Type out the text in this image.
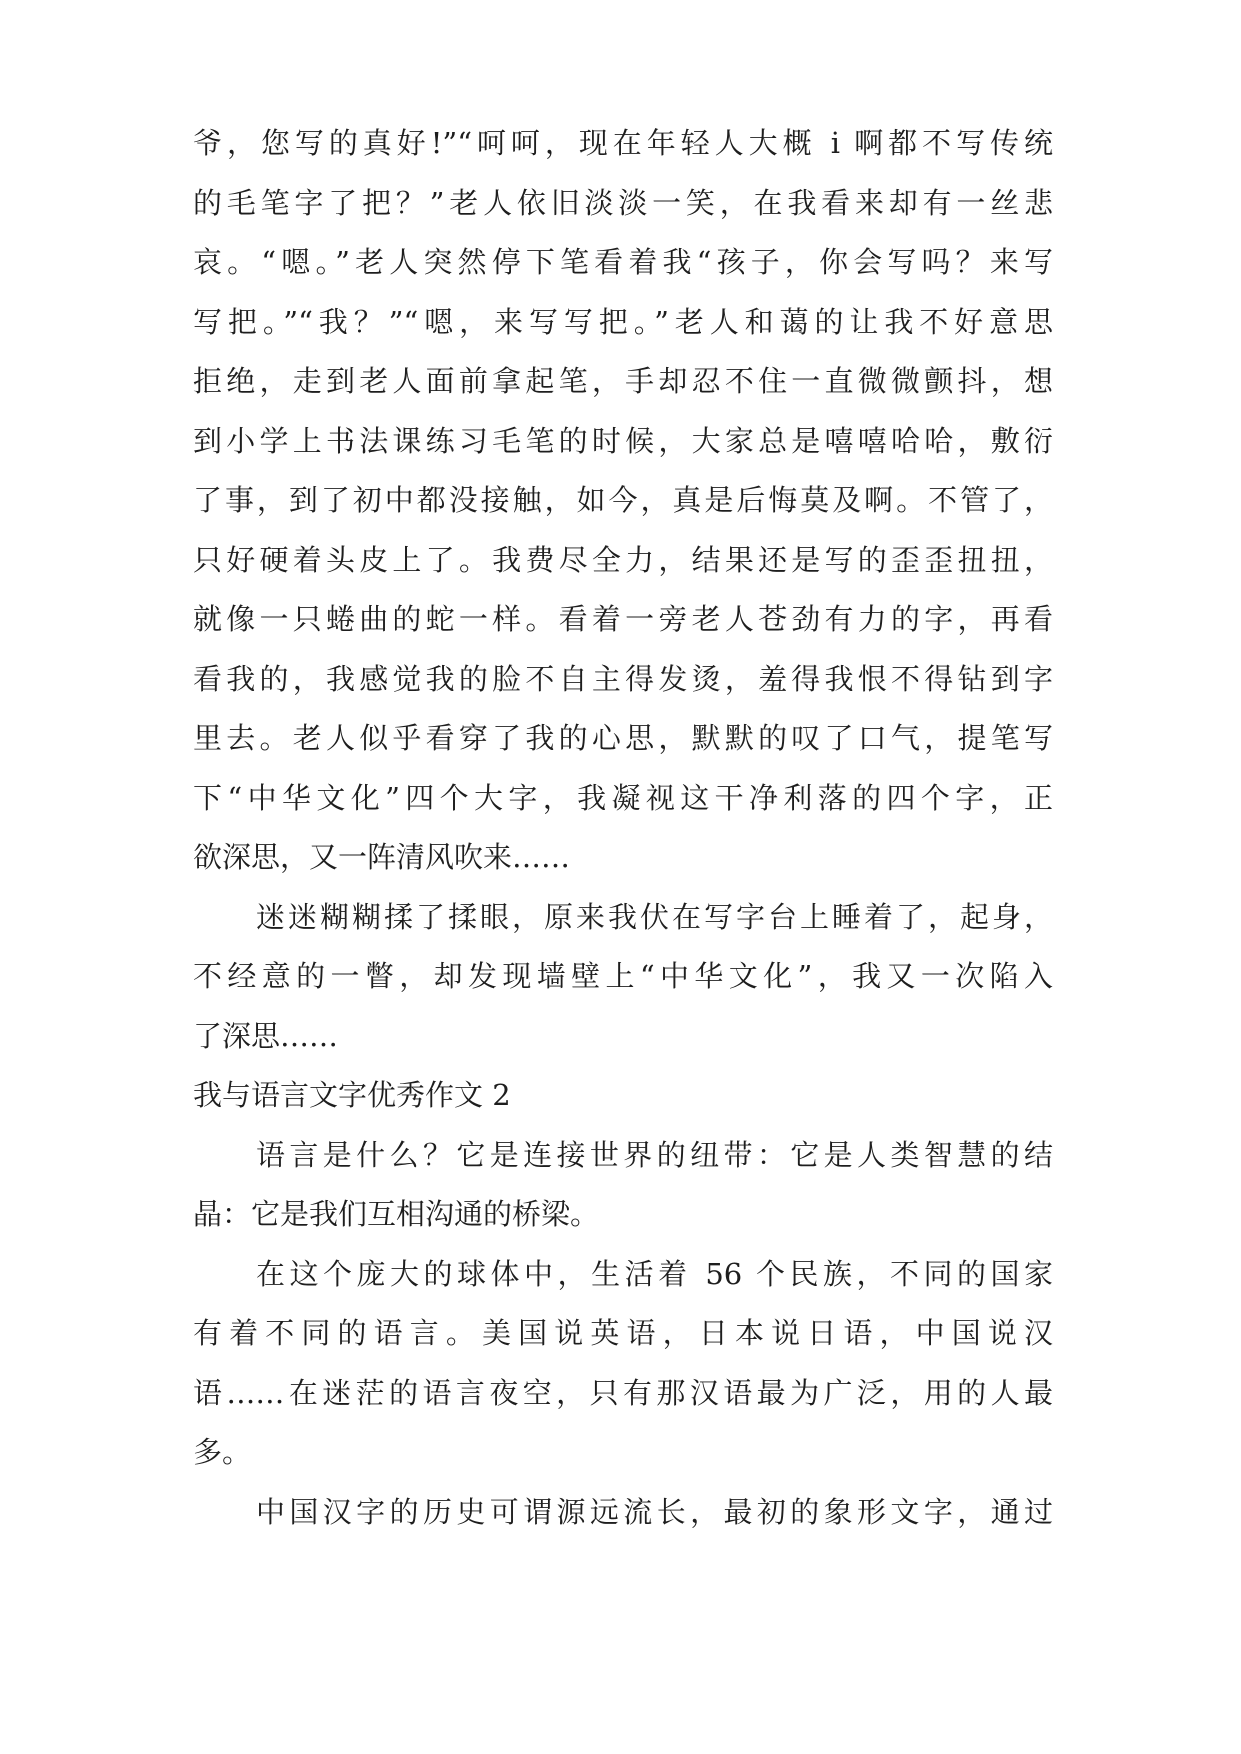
爷，您写的真好!”“呵呵，现在年轻人大概 i 啊都不写传统
的毛笔字了把？”老人依旧淡淡一笑，在我看来却有一丝悲
哀。“嗯。”老人突然停下笔看着我“孩子，你会写吗？来写
写把。”“我？”“嗯，来写写把。”老人和蔼的让我不好意思
拒绝，走到老人面前拿起笔，手却忍不住一直微微颤抖，想
到小学上书法课练习毛笔的时候，大家总是嘻嘻哈哈，敷衍
了事，到了初中都没接触，如今，真是后悔莫及啊。不管了，
只好硬着头皮上了。我费尽全力，结果还是写的歪歪扭扭，
就像一只蜷曲的蛇一样。看着一旁老人苍劲有力的字，再看
看我的，我感觉我的脸不自主得发烫，羞得我恨不得钻到字
里去。老人似乎看穿了我的心思，默默的叹了口气，提笔写
下“中华文化”四个大字，我凝视这干净利落的四个字，正
欲深思，又一阵清风吹来……
迷迷糊糊揉了揉眼，原来我伏在写字台上睡着了，起身，
不经意的一瞥，却发现墙壁上“中华文化”，我又一次陷入
了深思……
我与语言文字优秀作文 2
语言是什么？它是连接世界的纽带：它是人类智慧的结
晶：它是我们互相沟通的桥梁。
在这个庞大的球体中，生活着 56 个民族，不同的国家
有着不同的语言。美国说英语，日本说日语，中国说汉
语……在迷茫的语言夜空，只有那汉语最为广泛，用的人最
多。
中国汉字的历史可谓源远流长，最初的象形文字，通过
